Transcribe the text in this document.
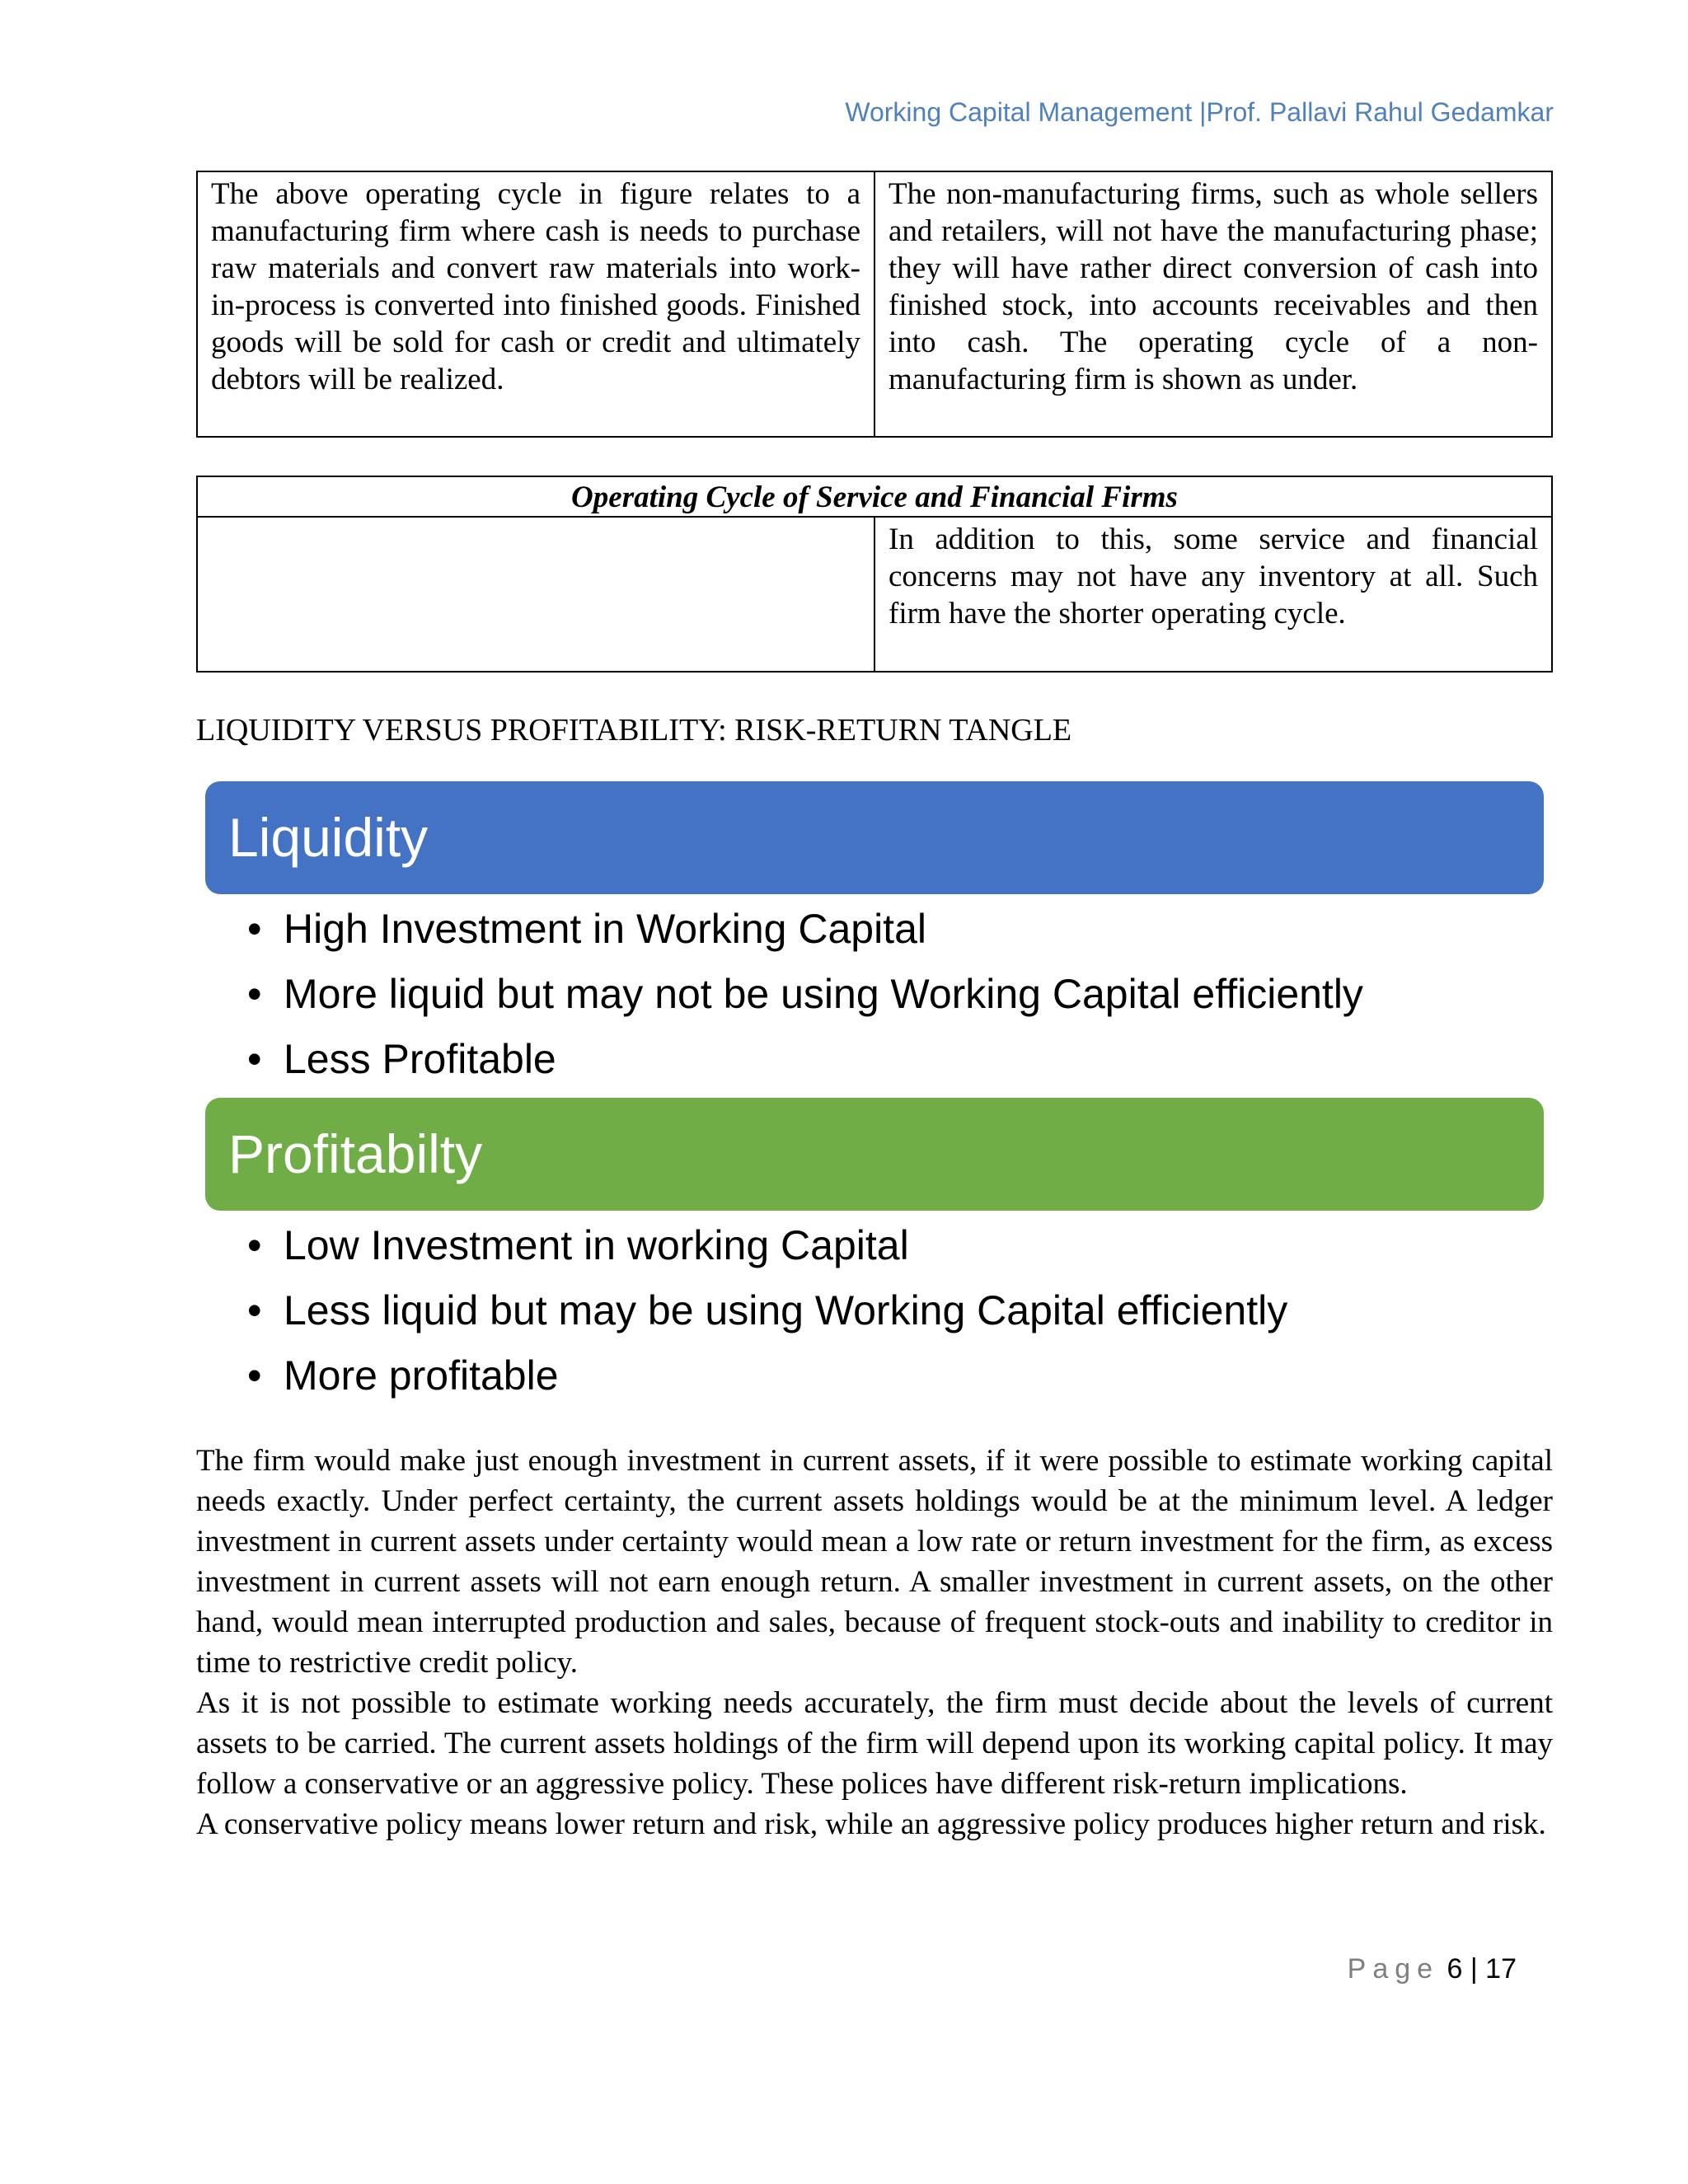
Working Capital Management |Prof. Pallavi Rahul Gedamkar
The above operating cycle in figure relates to a manufacturing firm where cash is needs to purchase raw materials and convert raw materials into work-in-process is converted into finished goods. Finished goods will be sold for cash or credit and ultimately debtors will be realized.	The non-manufacturing firms, such as whole sellers and retailers, will not have the manufacturing phase; they will have rather direct conversion of cash into finished stock, into accounts receivables and then into cash. The operating cycle of a non-manufacturing firm is shown as under.
Operating Cycle of Service and Financial Firms
	In addition to this, some service and financial concerns may not have any inventory at all. Such firm have the shorter operating cycle.
LIQUIDITY VERSUS PROFITABILITY: RISK-RETURN TANGLE
Liquidity
• High Investment in Working Capital
• More liquid but may not be using Working Capital efficiently
• Less Profitable
Profitabilty
• Low Investment in working Capital
• Less liquid but may be using Working Capital efficiently
• More profitable

The firm would make just enough investment in current assets, if it were possible to estimate working capital needs exactly. Under perfect certainty, the current assets holdings would be at the minimum level. A ledger investment in current assets under certainty would mean a low rate or return investment for the firm, as excess investment in current assets will not earn enough return. A smaller investment in current assets, on the other hand, would mean interrupted production and sales, because of frequent stock-outs and inability to creditor in time to restrictive credit policy.

As it is not possible to estimate working needs accurately, the firm must decide about the levels of current assets to be carried. The current assets holdings of the firm will depend upon its working capital policy. It may follow a conservative or an aggressive policy. These polices have different risk-return implications.

A conservative policy means lower return and risk, while an aggressive policy produces higher return and risk.

Page 6 | 17
